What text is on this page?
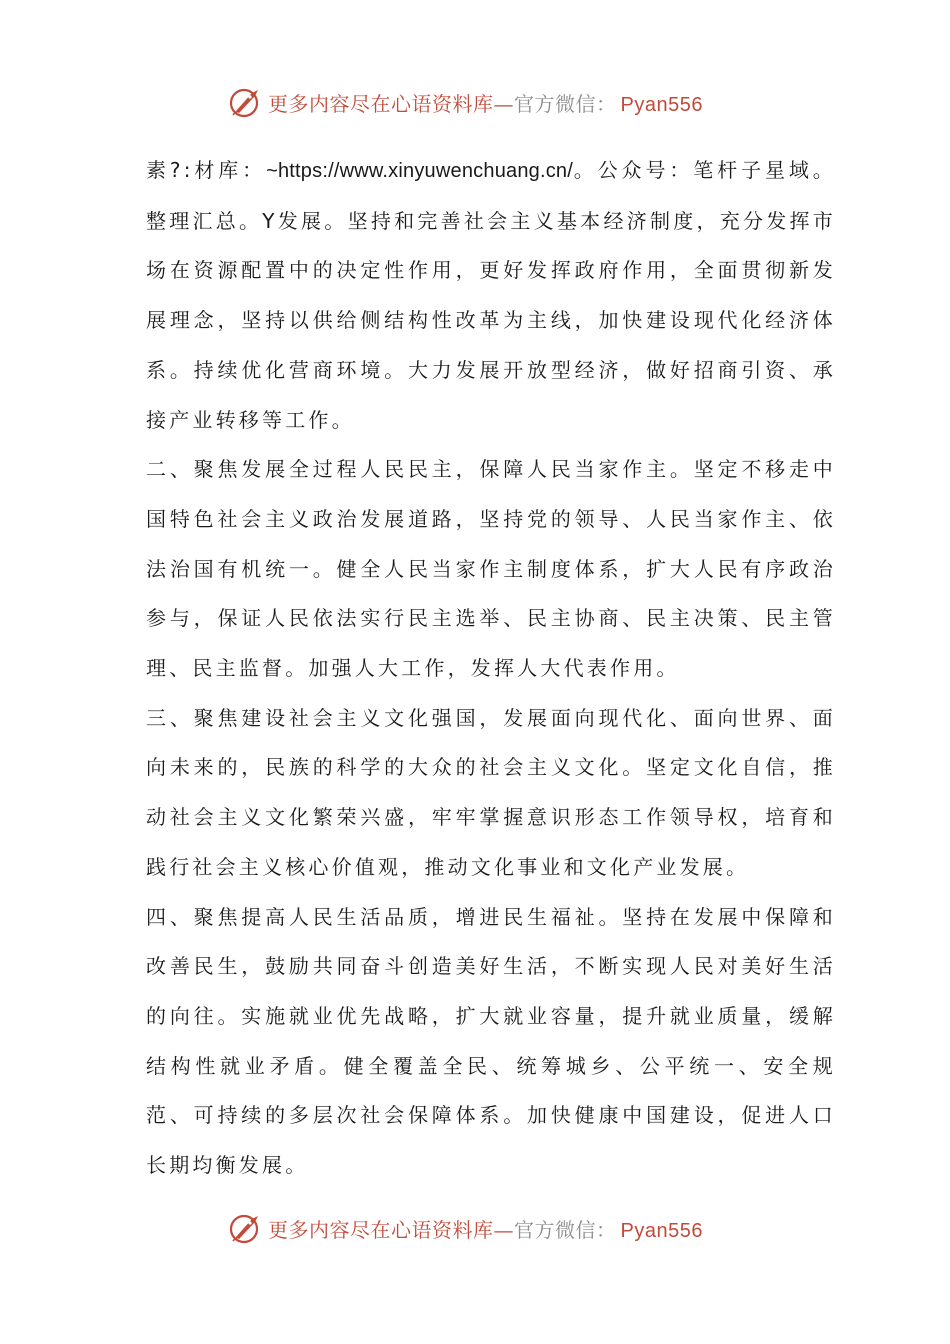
更多内容尽在心语资料库—官方微信： Pyan556

素?:材库：~https://www.xinyuwenchuang.cn/。公众号：笔杆子星域。整理汇总。Y发展。坚持和完善社会主义基本经济制度，充分发挥市场在资源配置中的决定性作用，更好发挥政府作用，全面贯彻新发展理念，坚持以供给侧结构性改革为主线，加快建设现代化经济体系。持续优化营商环境。大力发展开放型经济，做好招商引资、承接产业转移等工作。

二、聚焦发展全过程人民民主，保障人民当家作主。坚定不移走中国特色社会主义政治发展道路，坚持党的领导、人民当家作主、依法治国有机统一。健全人民当家作主制度体系，扩大人民有序政治参与，保证人民依法实行民主选举、民主协商、民主决策、民主管理、民主监督。加强人大工作，发挥人大代表作用。

三、聚焦建设社会主义文化强国，发展面向现代化、面向世界、面向未来的，民族的科学的大众的社会主义文化。坚定文化自信，推动社会主义文化繁荣兴盛，牢牢掌握意识形态工作领导权，培育和践行社会主义核心价值观，推动文化事业和文化产业发展。

四、聚焦提高人民生活品质，增进民生福祉。坚持在发展中保障和改善民生，鼓励共同奋斗创造美好生活，不断实现人民对美好生活的向往。实施就业优先战略，扩大就业容量，提升就业质量，缓解结构性就业矛盾。健全覆盖全民、统筹城乡、公平统一、安全规范、可持续的多层次社会保障体系。加快健康中国建设，促进人口长期均衡发展。

更多内容尽在心语资料库—官方微信： Pyan556
